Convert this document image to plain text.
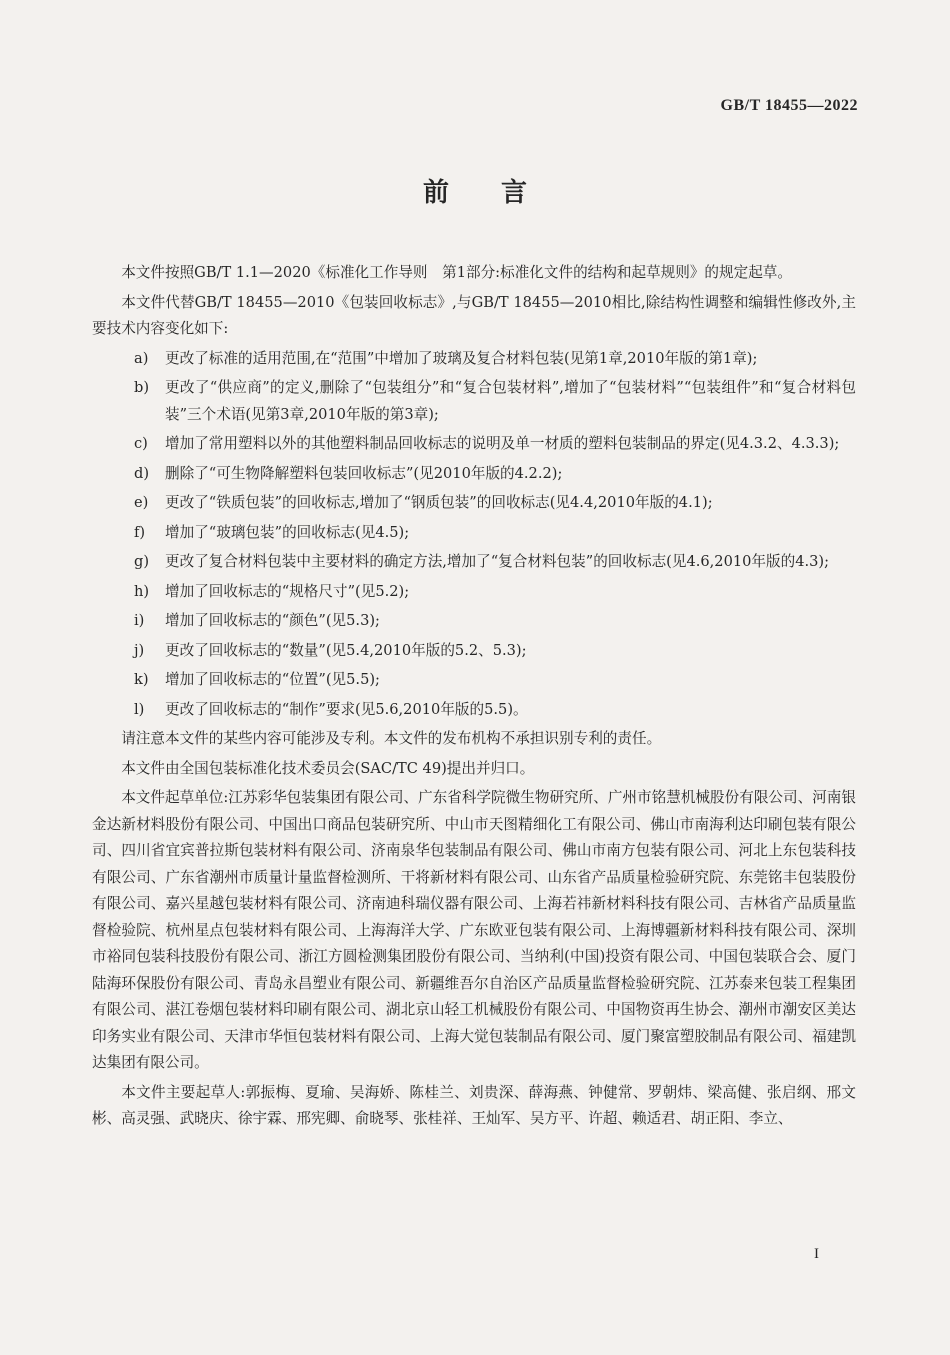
GB/T 18455—2022
前言

本文件按照GB/T 1.1—2020《标准化工作导则　第1部分:标准化文件的结构和起草规则》的规定起草。

本文件代替GB/T 18455—2010《包装回收标志》,与GB/T 18455—2010相比,除结构性调整和编辑性修改外,主要技术内容变化如下:

a) 更改了标准的适用范围,在“范围”中增加了玻璃及复合材料包装(见第1章,2010年版的第1章);
b) 更改了“供应商”的定义,删除了“包装组分”和“复合包装材料”,增加了“包装材料”“包装组件”和“复合材料包装”三个术语(见第3章,2010年版的第3章);
c) 增加了常用塑料以外的其他塑料制品回收标志的说明及单一材质的塑料包装制品的界定(见4.3.2、4.3.3);
d) 删除了“可生物降解塑料包装回收标志”(见2010年版的4.2.2);
e) 更改了“铁质包装”的回收标志,增加了“钢质包装”的回收标志(见4.4,2010年版的4.1);
f) 增加了“玻璃包装”的回收标志(见4.5);
g) 更改了复合材料包装中主要材料的确定方法,增加了“复合材料包装”的回收标志(见4.6,2010年版的4.3);
h) 增加了回收标志的“规格尺寸”(见5.2);
i) 增加了回收标志的“颜色”(见5.3);
j) 更改了回收标志的“数量”(见5.4,2010年版的5.2、5.3);
k) 增加了回收标志的“位置”(见5.5);
l) 更改了回收标志的“制作”要求(见5.6,2010年版的5.5)。

请注意本文件的某些内容可能涉及专利。本文件的发布机构不承担识别专利的责任。

本文件由全国包装标准化技术委员会(SAC/TC 49)提出并归口。

本文件起草单位:江苏彩华包装集团有限公司、广东省科学院微生物研究所、广州市铭慧机械股份有限公司、河南银金达新材料股份有限公司、中国出口商品包装研究所、中山市天图精细化工有限公司、佛山市南海利达印刷包装有限公司、四川省宜宾普拉斯包装材料有限公司、济南泉华包装制品有限公司、佛山市南方包装有限公司、河北上东包装科技有限公司、广东省潮州市质量计量监督检测所、干将新材料有限公司、山东省产品质量检验研究院、东莞铭丰包装股份有限公司、嘉兴星越包装材料有限公司、济南迪科瑞仪器有限公司、上海若祎新材料科技有限公司、吉林省产品质量监督检验院、杭州星点包装材料有限公司、上海海洋大学、广东欧亚包装有限公司、上海博疆新材料科技有限公司、深圳市裕同包装科技股份有限公司、浙江方圆检测集团股份有限公司、当纳利(中国)投资有限公司、中国包装联合会、厦门陆海环保股份有限公司、青岛永昌塑业有限公司、新疆维吾尔自治区产品质量监督检验研究院、江苏泰来包装工程集团有限公司、湛江卷烟包装材料印刷有限公司、湖北京山轻工机械股份有限公司、中国物资再生协会、潮州市潮安区美达印务实业有限公司、天津市华恒包装材料有限公司、上海大觉包装制品有限公司、厦门聚富塑胶制品有限公司、福建凯达集团有限公司。

本文件主要起草人:郭振梅、夏瑜、吴海娇、陈桂兰、刘贵深、薛海燕、钟健常、罗朝炜、梁高健、张启纲、邢文彬、高灵强、武晓庆、徐宇霖、邢宪卿、俞晓琴、张桂祥、王灿军、吴方平、许超、赖适君、胡正阳、李立、

I
